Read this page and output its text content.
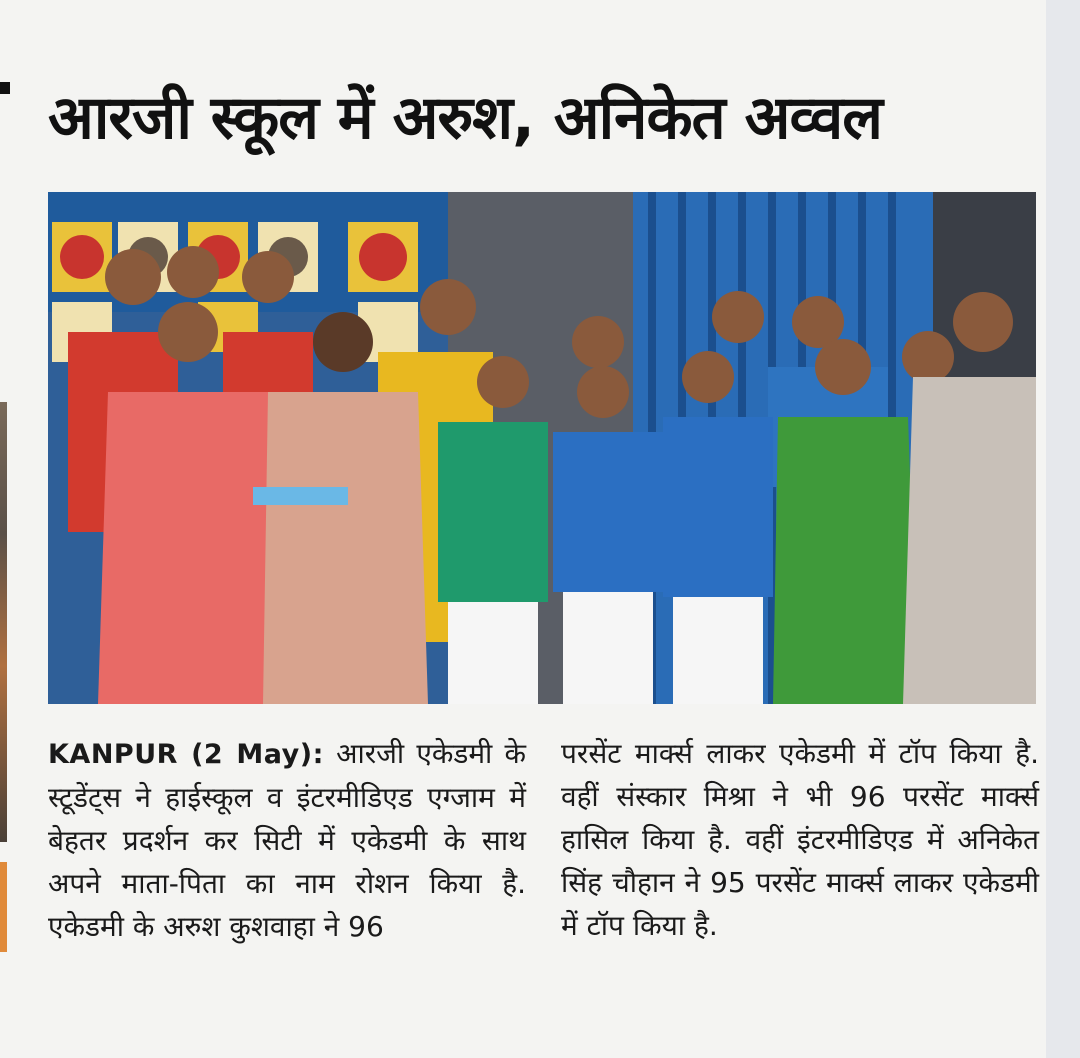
आरजी स्कूल में अरुश, अनिकेत अव्वल
KANPUR (2 May): आरजी एकेडमी के स्टूडेंट्स ने हाईस्कूल व इंटरमीडिएड एग्जाम में बेहतर प्रदर्शन कर सिटी में एकेडमी के साथ अपने माता-पिता का नाम रोशन किया है. एकेडमी के अरुश कुशवाहा ने 96
परसेंट मार्क्स लाकर एकेडमी में टॉप किया है. वहीं संस्कार मिश्रा ने भी 96 परसेंट मार्क्स हासिल किया है. वहीं इंटरमीडिएड में अनिकेत सिंह चौहान ने 95 परसेंट मार्क्स लाकर एकेडमी में टॉप किया है.
